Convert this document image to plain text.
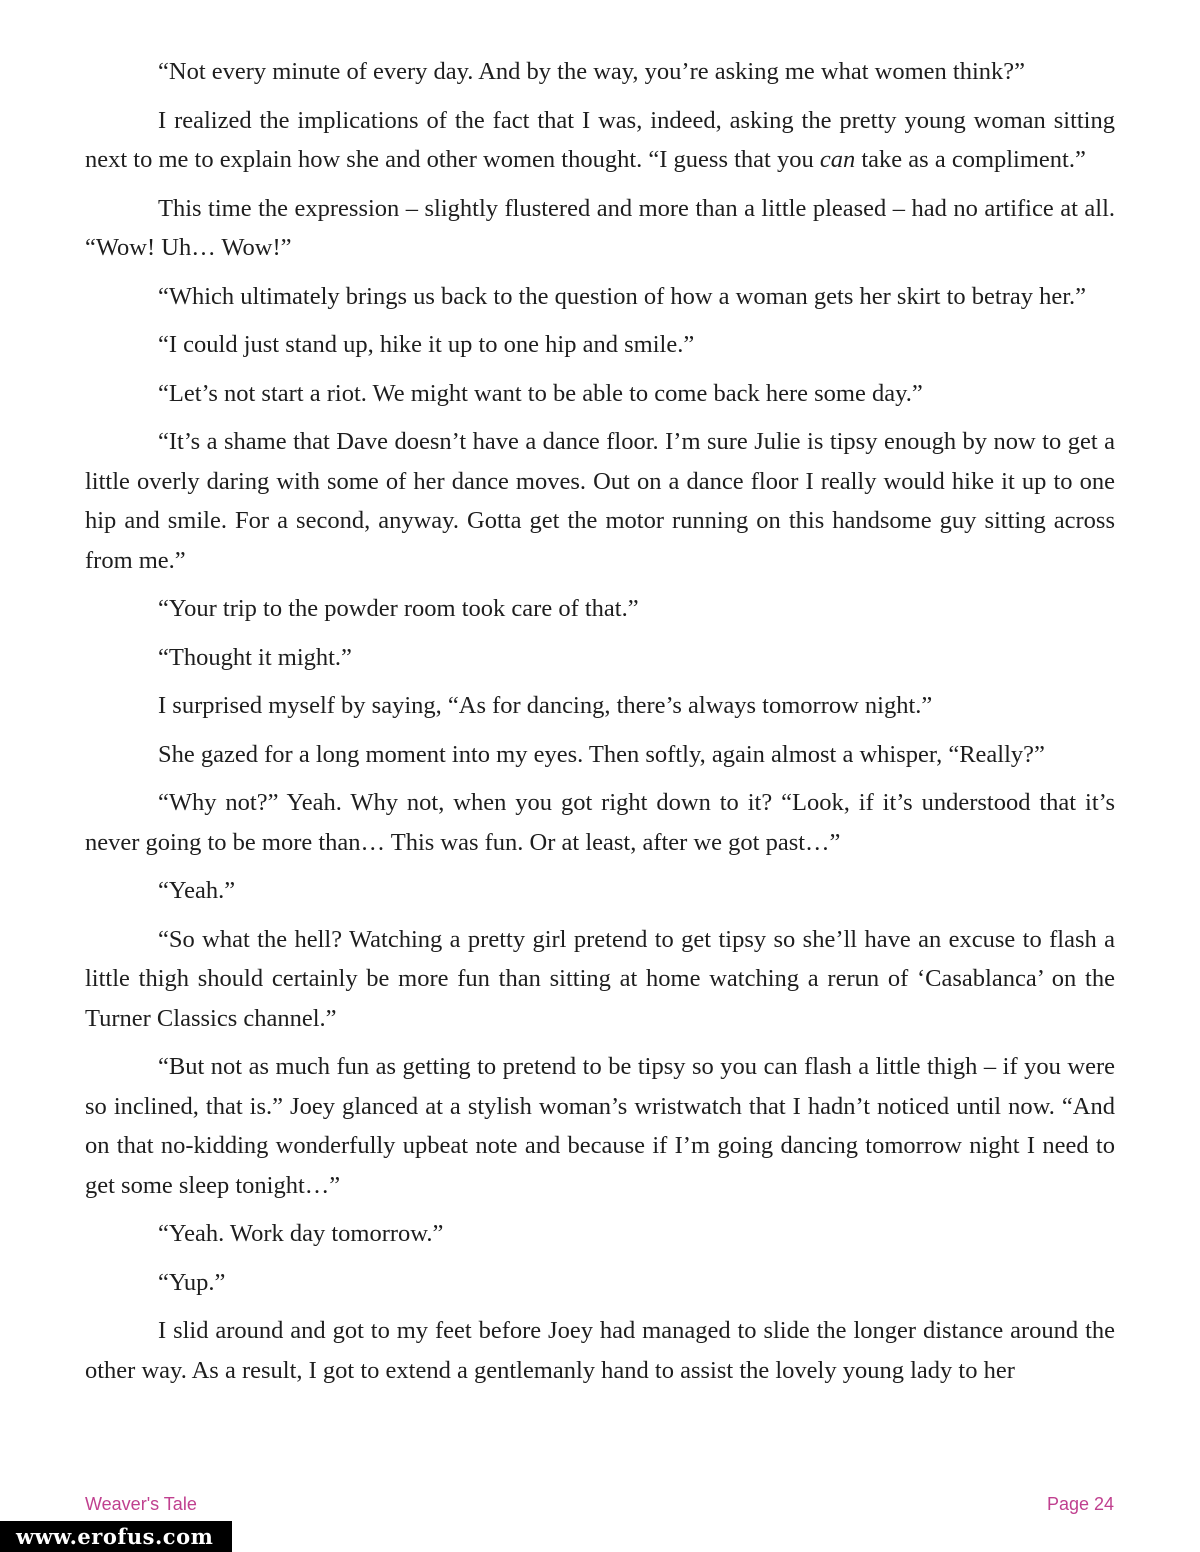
“Not every minute of every day. And by the way, you’re asking me what women think?”

I realized the implications of the fact that I was, indeed, asking the pretty young woman sitting next to me to explain how she and other women thought. “I guess that you can take as a compliment.”

This time the expression – slightly flustered and more than a little pleased – had no artifice at all. “Wow! Uh… Wow!”

“Which ultimately brings us back to the question of how a woman gets her skirt to betray her.”

“I could just stand up, hike it up to one hip and smile.”

“Let’s not start a riot. We might want to be able to come back here some day.”

“It’s a shame that Dave doesn’t have a dance floor. I’m sure Julie is tipsy enough by now to get a little overly daring with some of her dance moves. Out on a dance floor I really would hike it up to one hip and smile. For a second, anyway. Gotta get the motor running on this handsome guy sitting across from me.”

“Your trip to the powder room took care of that.”

“Thought it might.”

I surprised myself by saying, “As for dancing, there’s always tomorrow night.”

She gazed for a long moment into my eyes. Then softly, again almost a whisper, “Really?”

“Why not?” Yeah. Why not, when you got right down to it? “Look, if it’s understood that it’s never going to be more than… This was fun. Or at least, after we got past…”

“Yeah.”

“So what the hell? Watching a pretty girl pretend to get tipsy so she’ll have an excuse to flash a little thigh should certainly be more fun than sitting at home watching a rerun of ‘Casablanca’ on the Turner Classics channel.”

“But not as much fun as getting to pretend to be tipsy so you can flash a little thigh – if you were so inclined, that is.” Joey glanced at a stylish woman’s wristwatch that I hadn’t noticed until now. “And on that no-kidding wonderfully upbeat note and because if I’m going dancing tomorrow night I need to get some sleep tonight…”

“Yeah. Work day tomorrow.”

“Yup.”

I slid around and got to my feet before Joey had managed to slide the longer distance around the other way. As a result, I got to extend a gentlemanly hand to assist the lovely young lady to her

Weaver's Tale	Page 24
www.erofus.com
